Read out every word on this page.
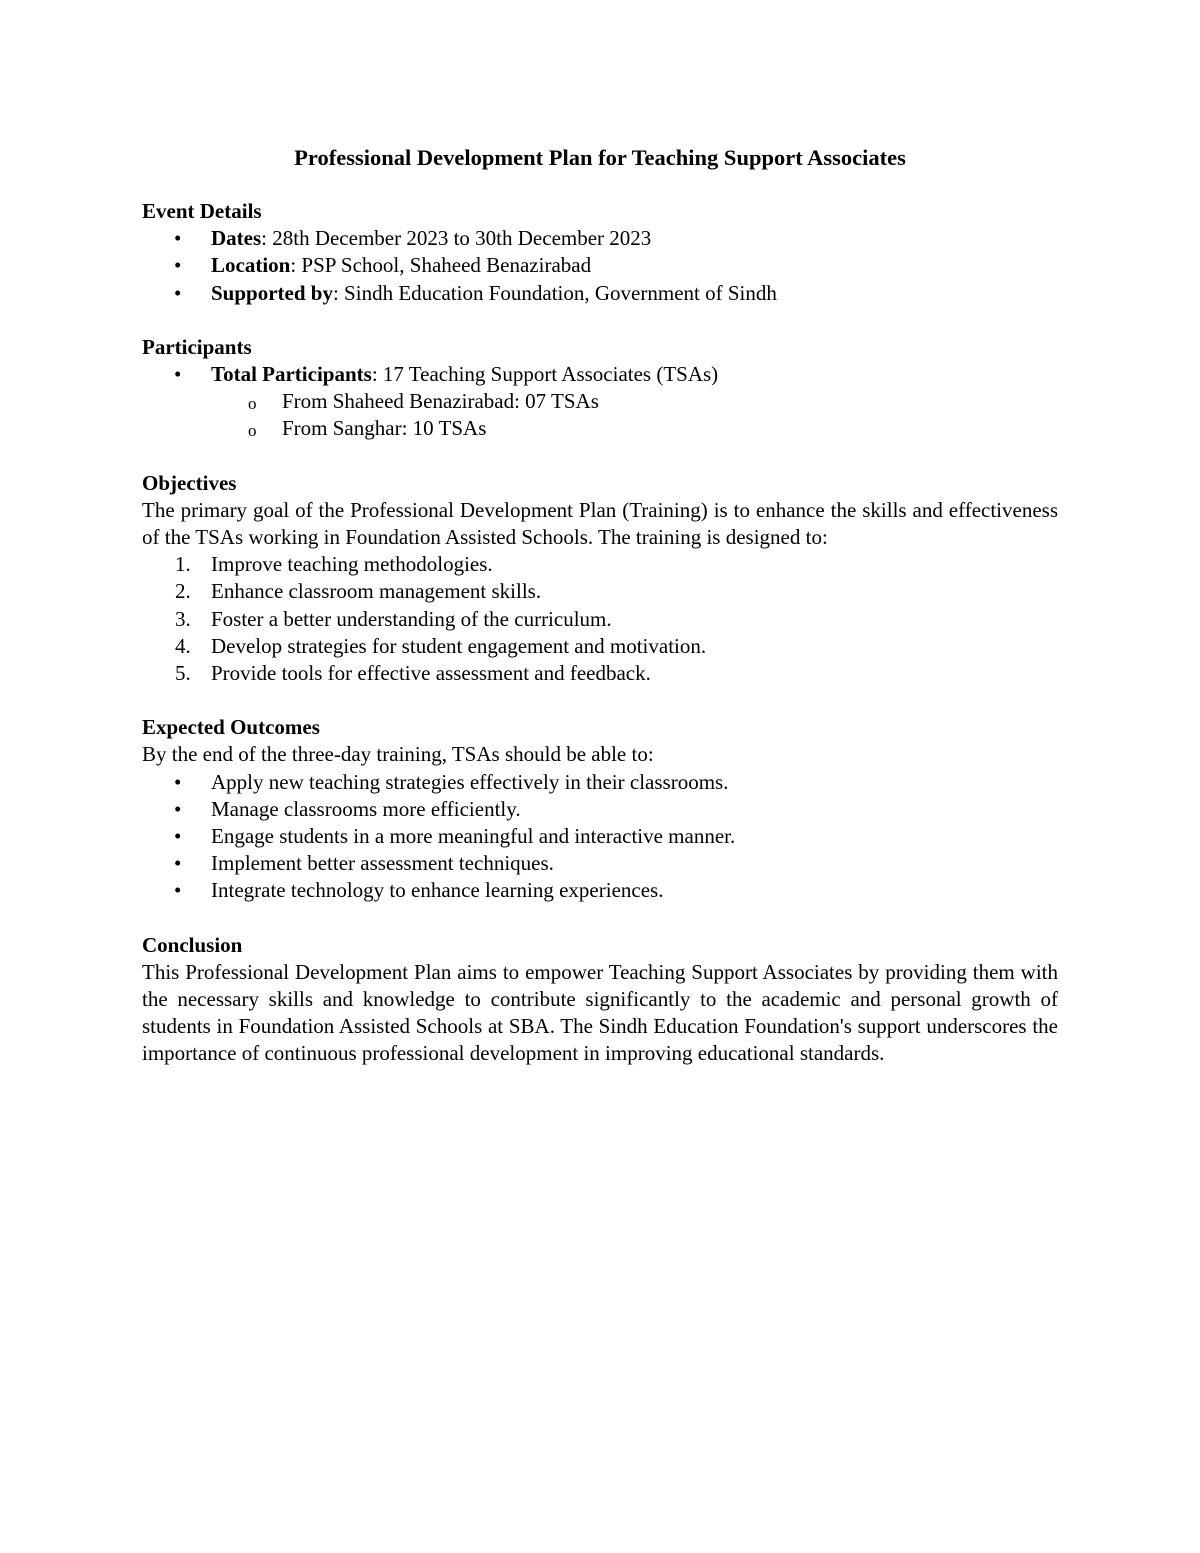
Professional Development Plan for Teaching Support Associates

Event Details

• Dates: 28th December 2023 to 30th December 2023
• Location: PSP School, Shaheed Benazirabad
• Supported by: Sindh Education Foundation, Government of Sindh

Participants

• Total Participants: 17 Teaching Support Associates (TSAs)
o From Shaheed Benazirabad: 07 TSAs
o From Sanghar: 10 TSAs

Objectives

The primary goal of the Professional Development Plan (Training) is to enhance the skills and effectiveness of the TSAs working in Foundation Assisted Schools. The training is designed to:

1. Improve teaching methodologies.
2. Enhance classroom management skills.
3. Foster a better understanding of the curriculum.
4. Develop strategies for student engagement and motivation.
5. Provide tools for effective assessment and feedback.

Expected Outcomes

By the end of the three-day training, TSAs should be able to:

• Apply new teaching strategies effectively in their classrooms.
• Manage classrooms more efficiently.
• Engage students in a more meaningful and interactive manner.
• Implement better assessment techniques.
• Integrate technology to enhance learning experiences.

Conclusion

This Professional Development Plan aims to empower Teaching Support Associates by providing them with the necessary skills and knowledge to contribute significantly to the academic and personal growth of students in Foundation Assisted Schools at SBA. The Sindh Education Foundation's support underscores the importance of continuous professional development in improving educational standards.
